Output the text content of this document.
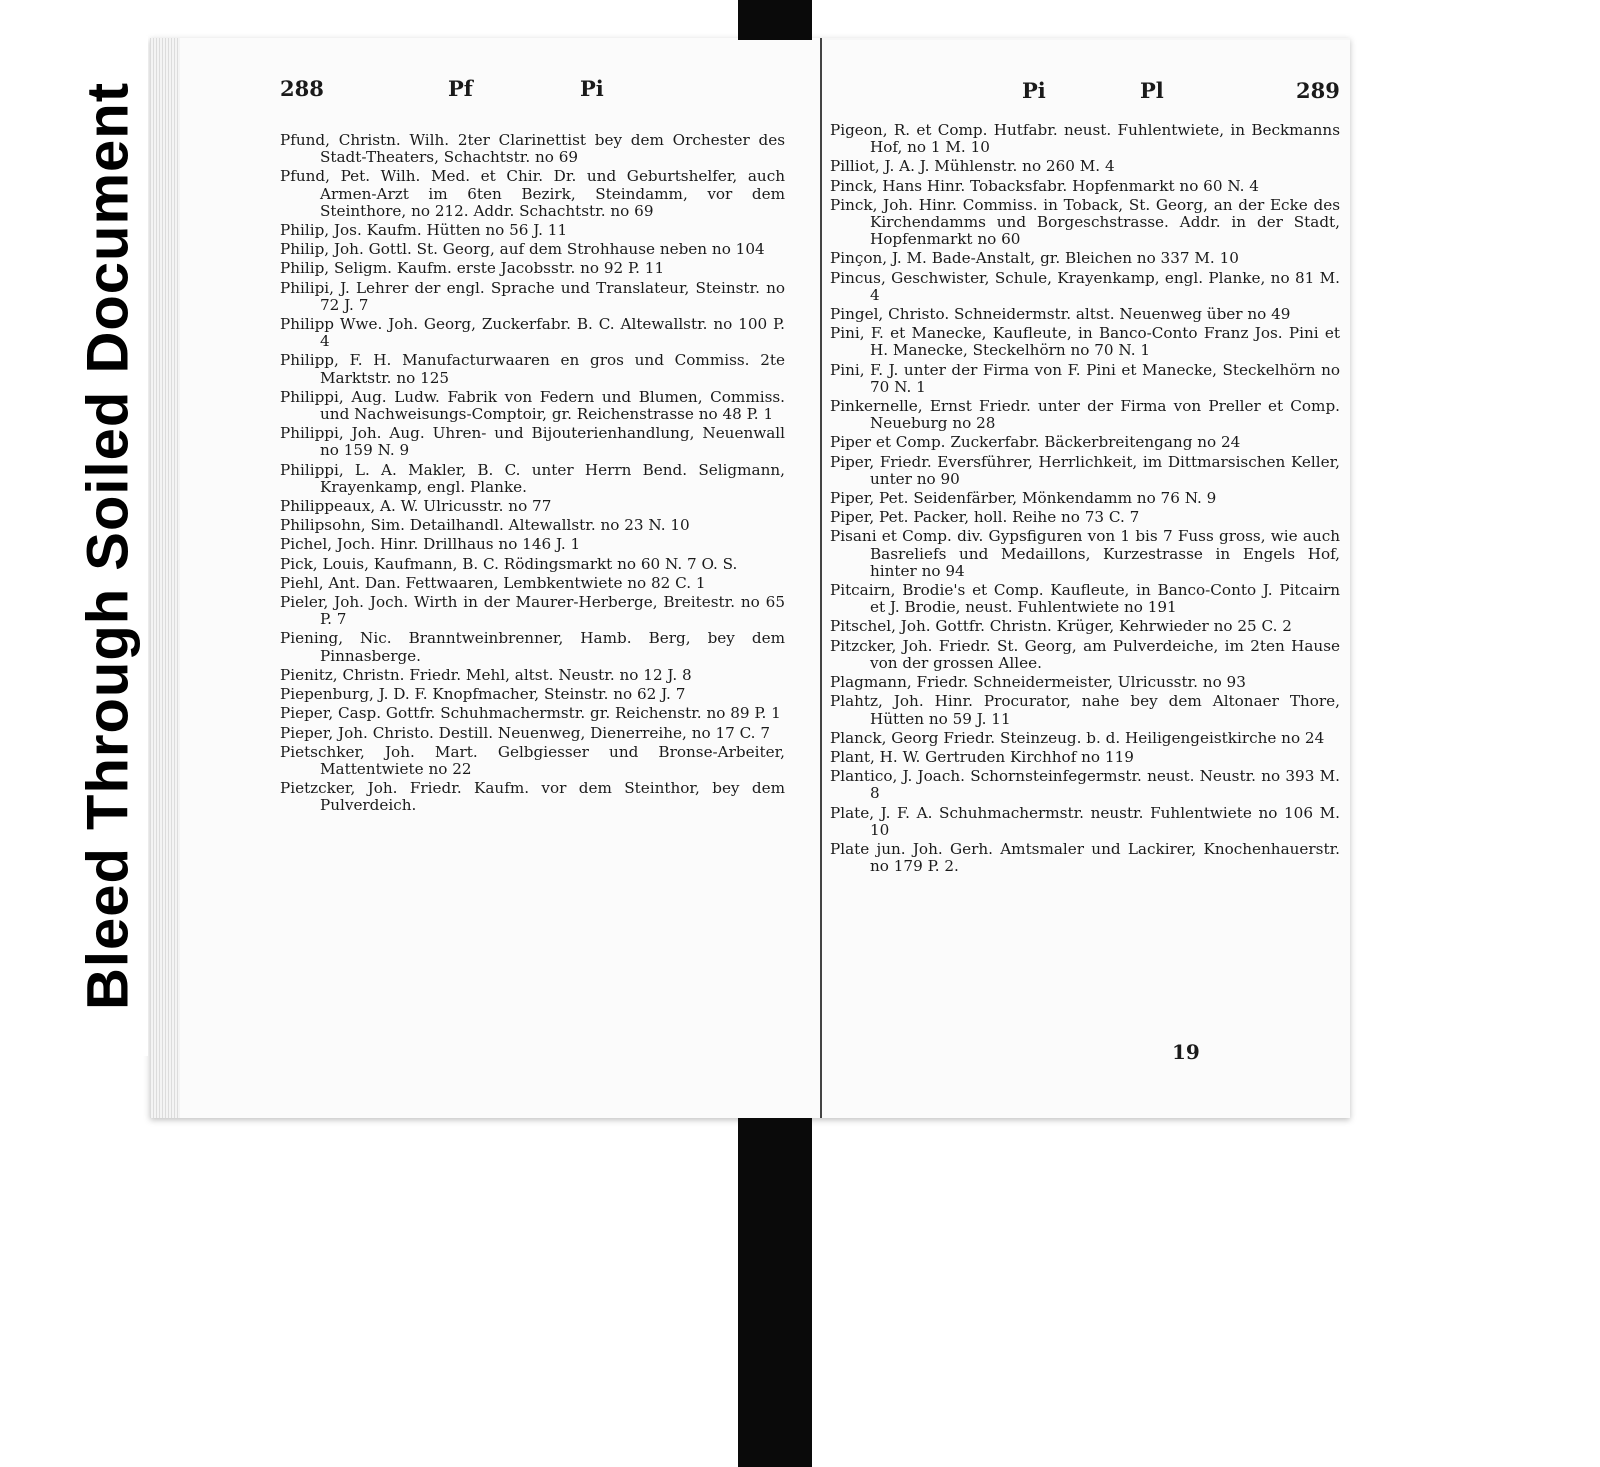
Bleed Through Soiled Document	288	Pf	Pi
Pfund, Christn. Wilh. 2ter Clarinettist bey dem Orchester des Stadt-Theaters, Schachtstr. no 69
Pfund, Pet. Wilh. Med. et Chir. Dr. und Geburtshelfer, auch Armen-Arzt im 6ten Bezirk, Steindamm, vor dem Steinthore, no 212. Addr. Schachtstr. no 69
Philip, Jos. Kaufm. Hütten no 56 J. 11
Philip, Joh. Gottl. St. Georg, auf dem Strohhause neben no 104
Philip, Seligm. Kaufm. erste Jacobsstr. no 92 P. 11
Philipi, J. Lehrer der engl. Sprache und Translateur, Steinstr. no 72 J. 7
Philipp Wwe. Joh. Georg, Zuckerfabr. B. C. Altewallstr. no 100 P. 4
Philipp, F. H. Manufacturwaaren en gros und Commiss. 2te Marktstr. no 125
Philippi, Aug. Ludw. Fabrik von Federn und Blumen, Commiss. und Nachweisungs-Comptoir, gr. Reichenstrasse no 48 P. 1
Philippi, Joh. Aug. Uhren- und Bijouterienhandlung, Neuenwall no 159 N. 9
Philippi, L. A. Makler, B. C. unter Herrn Bend. Seligmann, Krayenkamp, engl. Planke.
Philippeaux, A. W. Ulricusstr. no 77
Philipsohn, Sim. Detailhandl. Altewallstr. no 23 N. 10
Pichel, Joch. Hinr. Drillhaus no 146 J. 1
Pick, Louis, Kaufmann, B. C. Rödingsmarkt no 60 N. 7 O. S.
Piehl, Ant. Dan. Fettwaaren, Lembkentwiete no 82 C. 1
Pieler, Joh. Joch. Wirth in der Maurer-Herberge, Breitestr. no 65 P. 7
Piening, Nic. Branntweinbrenner, Hamb. Berg, bey dem Pinnasberge.
Pienitz, Christn. Friedr. Mehl, altst. Neustr. no 12 J. 8
Piepenburg, J. D. F. Knopfmacher, Steinstr. no 62 J. 7
Pieper, Casp. Gottfr. Schuhmachermstr. gr. Reichenstr. no 89 P. 1
Pieper, Joh. Christo. Destill. Neuenweg, Dienerreihe, no 17 C. 7
Pietschker, Joh. Mart. Gelbgiesser und Bronse-Arbeiter, Mattentwiete no 22
Pietzcker, Joh. Friedr. Kaufm. vor dem Steinthor, bey dem Pulverdeich.
Pi	Pl	289
Pigeon, R. et Comp. Hutfabr. neust. Fuhlentwiete, in Beckmanns Hof, no 1 M. 10
Pilliot, J. A. J. Mühlenstr. no 260 M. 4
Pinck, Hans Hinr. Tobacksfabr. Hopfenmarkt no 60 N. 4
Pinck, Joh. Hinr. Commiss. in Toback, St. Georg, an der Ecke des Kirchendamms und Borgeschstrasse. Addr. in der Stadt, Hopfenmarkt no 60
Pinçon, J. M. Bade-Anstalt, gr. Bleichen no 337 M. 10
Pincus, Geschwister, Schule, Krayenkamp, engl. Planke, no 81 M. 4
Pingel, Christo. Schneidermstr. altst. Neuenweg über no 49
Pini, F. et Manecke, Kaufleute, in Banco-Conto Franz Jos. Pini et H. Manecke, Steckelhörn no 70 N. 1
Pini, F. J. unter der Firma von F. Pini et Manecke, Steckelhörn no 70 N. 1
Pinkernelle, Ernst Friedr. unter der Firma von Preller et Comp. Neueburg no 28
Piper et Comp. Zuckerfabr. Bäckerbreitengang no 24
Piper, Friedr. Eversführer, Herrlichkeit, im Dittmarsischen Keller, unter no 90
Piper, Pet. Seidenfärber, Mönkendamm no 76 N. 9
Piper, Pet. Packer, holl. Reihe no 73 C. 7
Pisani et Comp. div. Gypsfiguren von 1 bis 7 Fuss gross, wie auch Basreliefs und Medaillons, Kurzestrasse in Engels Hof, hinter no 94
Pitcairn, Brodie's et Comp. Kaufleute, in Banco-Conto J. Pitcairn et J. Brodie, neust. Fuhlentwiete no 191
Pitschel, Joh. Gottfr. Christn. Krüger, Kehrwieder no 25 C. 2
Pitzcker, Joh. Friedr. St. Georg, am Pulverdeiche, im 2ten Hause von der grossen Allee.
Plagmann, Friedr. Schneidermeister, Ulricusstr. no 93
Plahtz, Joh. Hinr. Procurator, nahe bey dem Altonaer Thore, Hütten no 59 J. 11
Planck, Georg Friedr. Steinzeug. b. d. Heiligengeistkirche no 24
Plant, H. W. Gertruden Kirchhof no 119
Plantico, J. Joach. Schornsteinfegermstr. neust. Neustr. no 393 M. 8
Plate, J. F. A. Schuhmachermstr. neustr. Fuhlentwiete no 106 M. 10
Plate jun. Joh. Gerh. Amtsmaler und Lackirer, Knochenhauerstr. no 179 P. 2.
19
